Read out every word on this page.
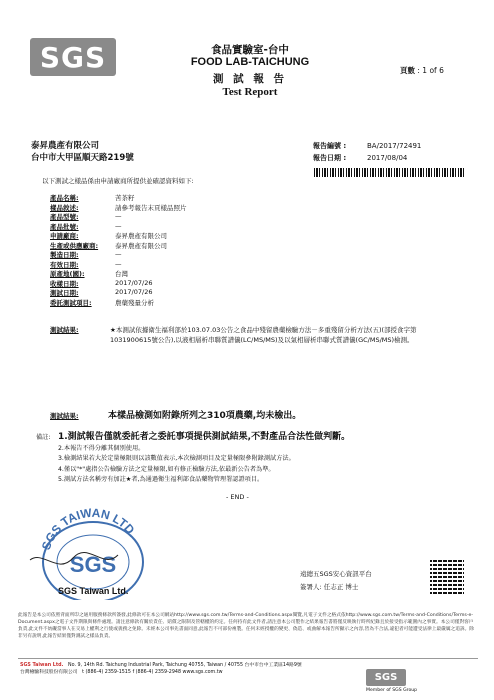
SGS	食品實驗室-台中
FOOD LAB-TAICHUNG
測 試 報 告
Test Report
頁數 : 1 of 6
泰昇農產有限公司
台中市大甲區順天路219號
報告編號 :	BA/2017/72491
報告日期 :	2017/08/04
以下測試之樣品係由申請廠商所提供並確認資料如下:
產品名稱:		苦茶籽
樣品敘述:		請參考報告末頁樣品照片
產品型號:		—
產品批號:		—
申請廠商:		泰昇農產有限公司
生產或供應廠商:		泰昇農產有限公司
製造日期:		—
有效日期:		—
原產地(國):		台灣
收樣日期:		2017/07/26
測試日期:		2017/07/26
委託測試項目:		農藥殘量分析
測試結果:	★本測試依據衛生福利部於103.07.03公告之食品中殘留農藥檢驗方法－多重殘留分析方法(五)(部授食字第1031900615號公告),以液相層析串聯質譜儀(LC/MS/MS)及以氣相層析串聯式質譜儀(GC/MS/MS)檢測。
測試結果:	本樣品檢測如附錄所列之310項農藥,均未檢出。
備註: 1.測試報告僅就委託者之委託事項提供測試結果,不對產品合法性做判斷。
2.本報告不得分離其個別使用。
3.檢測結果若大於定量極限則以該數值表示,本次檢測項目及定量極限參附錄測試方法。
4.僅以"*"處指公告檢驗方法之定量極限,如有修正檢驗方法,依最新公告者為準。
5.測試方法名稱旁有加註★者,為通過衛生福利部食品藥物管理署認證項目。
- END -
SGS TAIWAN LTD.
SGS
SGS Taiwan Ltd.
遠總五SGS安心資訊平台
簽署人: 任志正 博士
此報告是本公司依照背面所印之通用服務條款所簽發,此條款可在本公司網站http://www.sgs.com.tw/Terms-and-Conditions.aspx閱覽,凡電子文件之格式依http://www.sgs.com.tw/Terms-and-Conditions/Terms-e-Document.aspx之電子文件期限與條件處理。請注意條款有關於責任、賠償之限制及管轄權的約定。任何持有此文件者,請注意本公司製作之結果報告書將僅反映執行時所紀錄且於接受指示範圍內之事實。本公司僅對客戶負責,此文件不妨礙當事人在交易上權利之行使或義務之免除。未經本公司事先書面同意,此報告不可部份複製。任何未經授權的變更、偽造、或曲解本報告所顯示之內容,皆為不合法,違犯者可能遭受法律上最嚴厲之追訴。除非另有說明,此報告結果僅對測試之樣品負責。
SGS Taiwan Ltd. No. 9, 14th Rd. Taichung Industrial Park, Taichung 40755, Taiwan / 40755 台中市台中工業區14路9號
台灣檢驗科技股份有限公司 t (886-4) 2359-1515 f (886-4) 2359-2948 www.sgs.com.tw	SGS
Member of SGS Group
